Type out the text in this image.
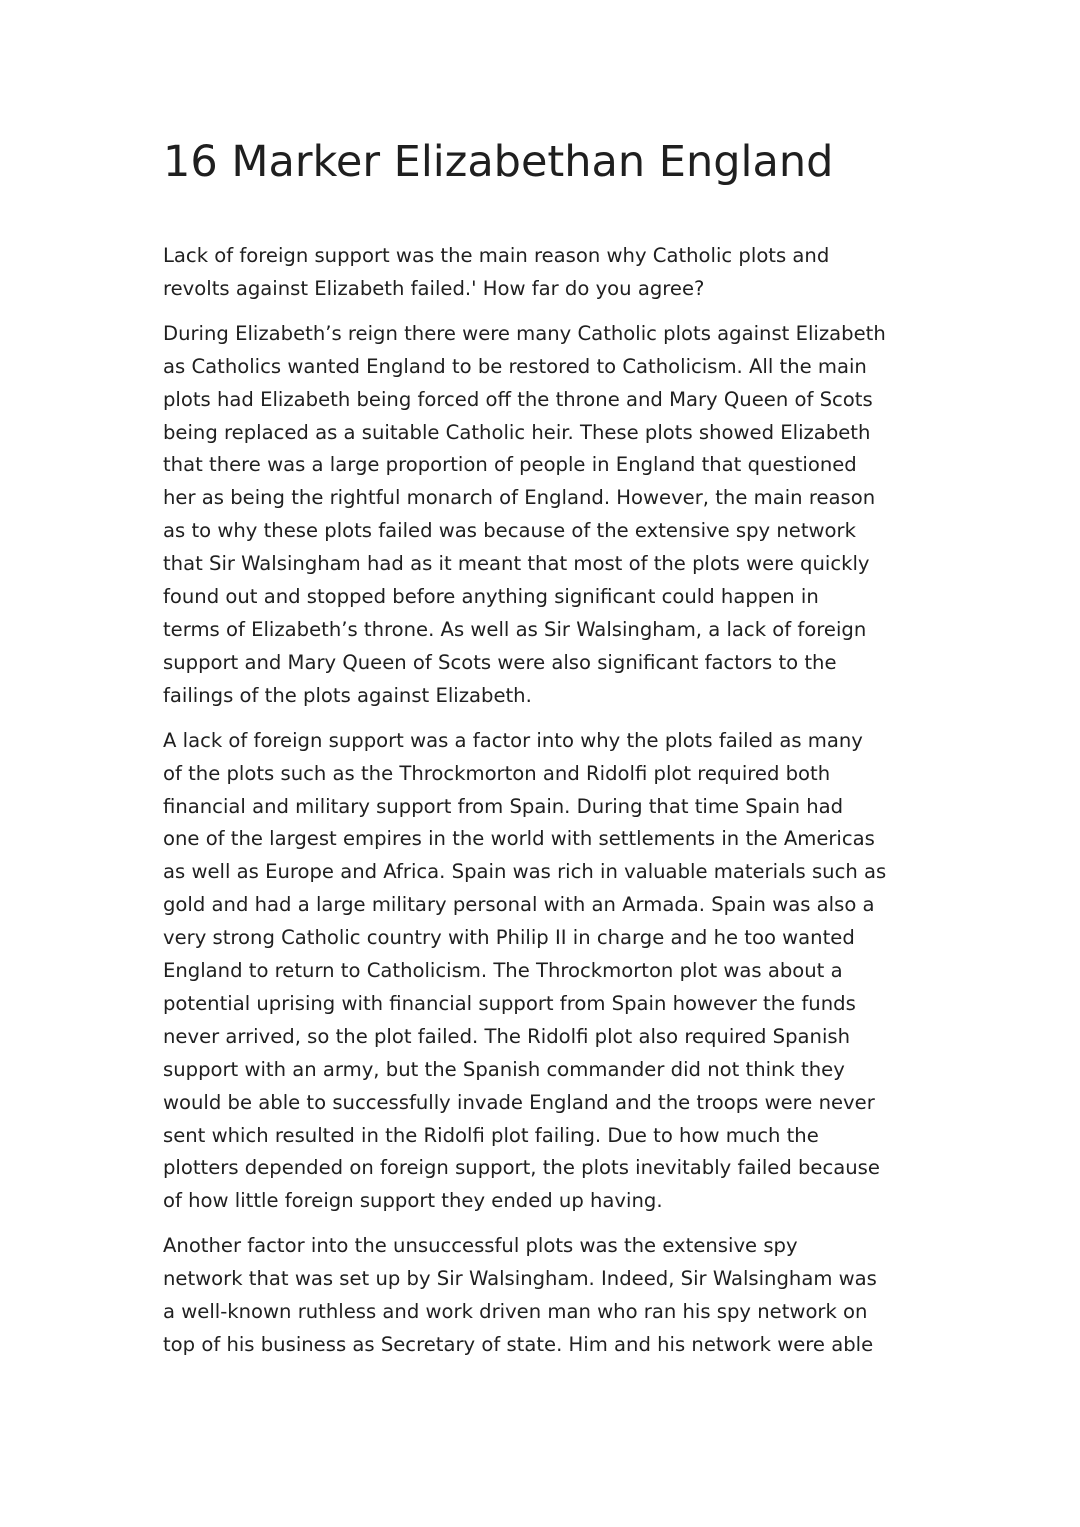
16 Marker Elizabethan England

Lack of foreign support was the main reason why Catholic plots and
revolts against Elizabeth failed.' How far do you agree?

During Elizabeth’s reign there were many Catholic plots against Elizabeth
as Catholics wanted England to be restored to Catholicism. All the main
plots had Elizabeth being forced off the throne and Mary Queen of Scots
being replaced as a suitable Catholic heir. These plots showed Elizabeth
that there was a large proportion of people in England that questioned
her as being the rightful monarch of England. However, the main reason
as to why these plots failed was because of the extensive spy network
that Sir Walsingham had as it meant that most of the plots were quickly
found out and stopped before anything significant could happen in
terms of Elizabeth’s throne. As well as Sir Walsingham, a lack of foreign
support and Mary Queen of Scots were also significant factors to the
failings of the plots against Elizabeth.

A lack of foreign support was a factor into why the plots failed as many
of the plots such as the Throckmorton and Ridolfi plot required both
financial and military support from Spain. During that time Spain had
one of the largest empires in the world with settlements in the Americas
as well as Europe and Africa. Spain was rich in valuable materials such as
gold and had a large military personal with an Armada. Spain was also a
very strong Catholic country with Philip II in charge and he too wanted
England to return to Catholicism. The Throckmorton plot was about a
potential uprising with financial support from Spain however the funds
never arrived, so the plot failed. The Ridolfi plot also required Spanish
support with an army, but the Spanish commander did not think they
would be able to successfully invade England and the troops were never
sent which resulted in the Ridolfi plot failing. Due to how much the
plotters depended on foreign support, the plots inevitably failed because
of how little foreign support they ended up having.

Another factor into the unsuccessful plots was the extensive spy
network that was set up by Sir Walsingham. Indeed, Sir Walsingham was
a well-known ruthless and work driven man who ran his spy network on
top of his business as Secretary of state. Him and his network were able
